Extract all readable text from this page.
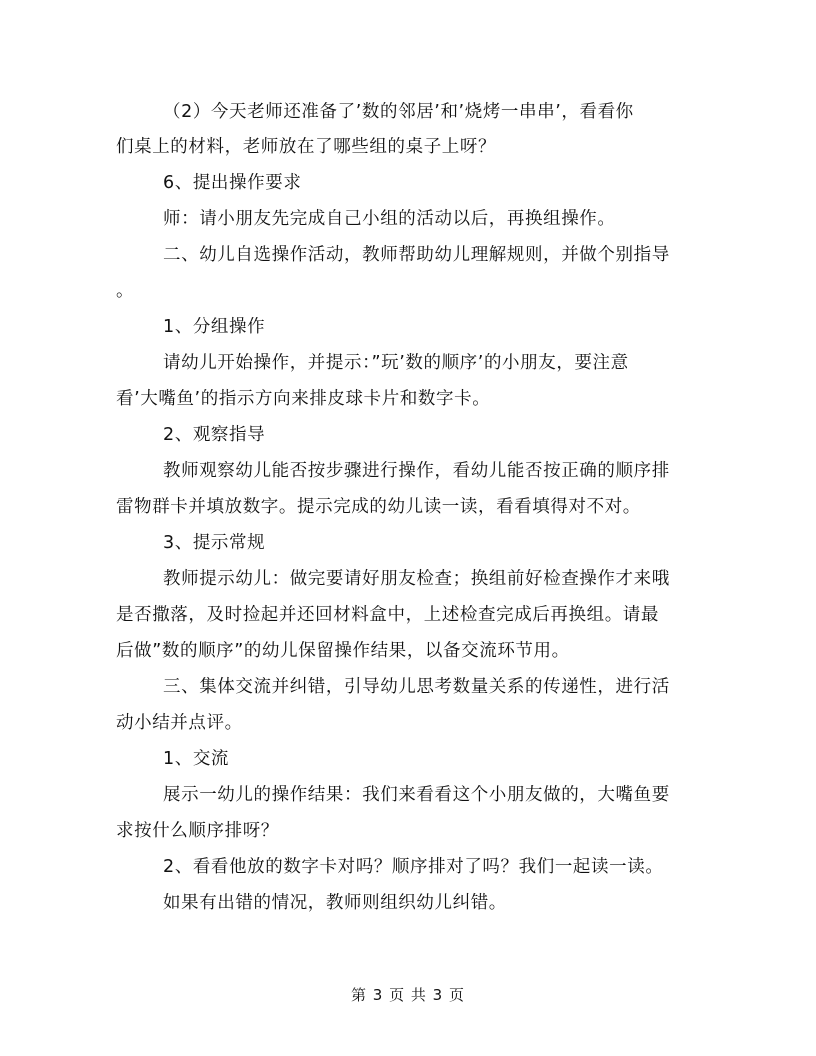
（2）今天老师还准备了’数的邻居’和’烧烤一串串’，看看你
们桌上的材料，老师放在了哪些组的桌子上呀？
6、提出操作要求
师：请小朋友先完成自己小组的活动以后，再换组操作。
二、幼儿自选操作活动，教师帮助幼儿理解规则，并做个别指导
。
1、分组操作
请幼儿开始操作，并提示：”玩’数的顺序’的小朋友，要注意
看’大嘴鱼’的指示方向来排皮球卡片和数字卡。
2、观察指导
教师观察幼儿能否按步骤进行操作，看幼儿能否按正确的顺序排
雷物群卡并填放数字。提示完成的幼儿读一读，看看填得对不对。
3、提示常规
教师提示幼儿：做完要请好朋友检查；换组前好检查操作才来哦
是否撒落，及时捡起并还回材料盒中，上述检查完成后再换组。请最
后做”数的顺序”的幼儿保留操作结果，以备交流环节用。
三、集体交流并纠错，引导幼儿思考数量关系的传递性，进行活
动小结并点评。
1、交流
展示一幼儿的操作结果：我们来看看这个小朋友做的，大嘴鱼要
求按什么顺序排呀？
2、看看他放的数字卡对吗？顺序排对了吗？我们一起读一读。
如果有出错的情况，教师则组织幼儿纠错。
第 3 页 共 3 页
